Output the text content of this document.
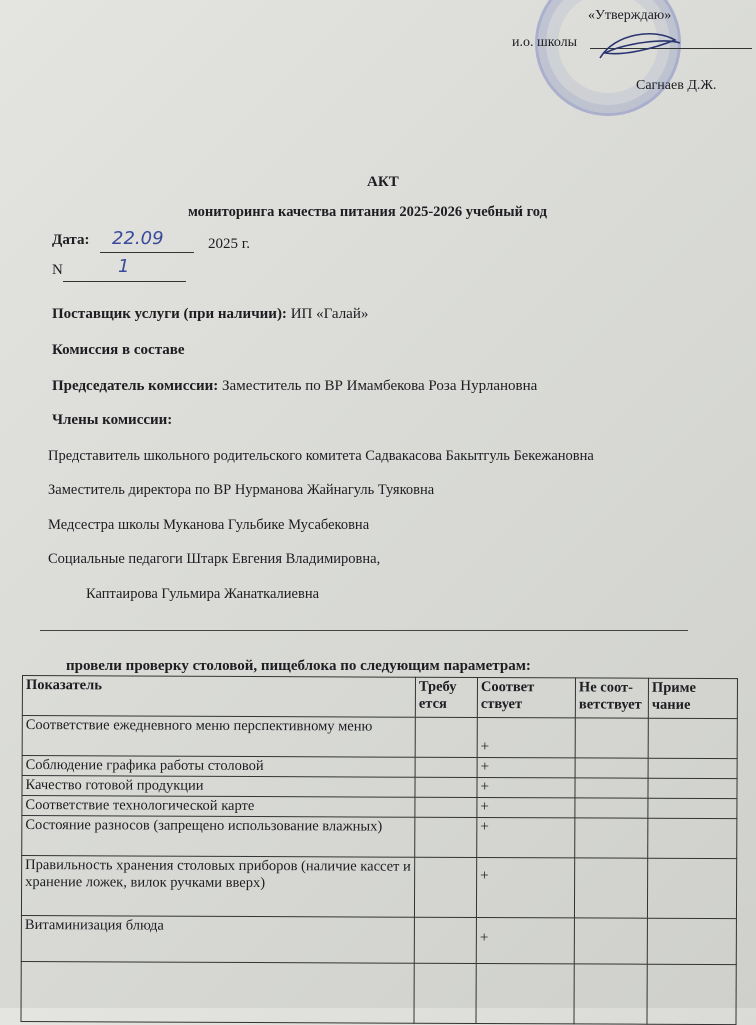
«Утверждаю»
и.о. школы
Сагнаев Д.Ж.
АКТ
мониторинга качества питания 2025-2026 учебный год
Дата: 22.09	2025 г.
N	1
Поставщик услуги (при наличии): ИП «Галай»
Комиссия в составе
Председатель комиссии: Заместитель по ВР Имамбекова Роза Нурлановна
Члены комиссии:
Представитель школьного родительского комитета Садвакасова Бакытгуль Бекежановна
Заместитель директора по ВР Нурманова Жайнагуль Туяковна
Медсестра школы Муканова Гульбике Мусабековна
Социальные педагоги Штарк Евгения Владимировна,
Каптаирова Гульмира Жанаткалиевна
провели проверку столовой, пищеблока по следующим параметрам:
Показатель	Требу ется	Соответ ствует	Не соот- ветствует	Приме чание
Соответствие ежедневного меню перспективному меню		+		
Соблюдение графика работы столовой		+		
Качество готовой продукции		+		
Соответствие технологической карте		+		
Состояние разносов (запрещено использование влажных)		+		
Правильность хранения столовых приборов (наличие кассет и хранение ложек, вилок ручками вверх)		+		
Витаминизация блюда		+		
